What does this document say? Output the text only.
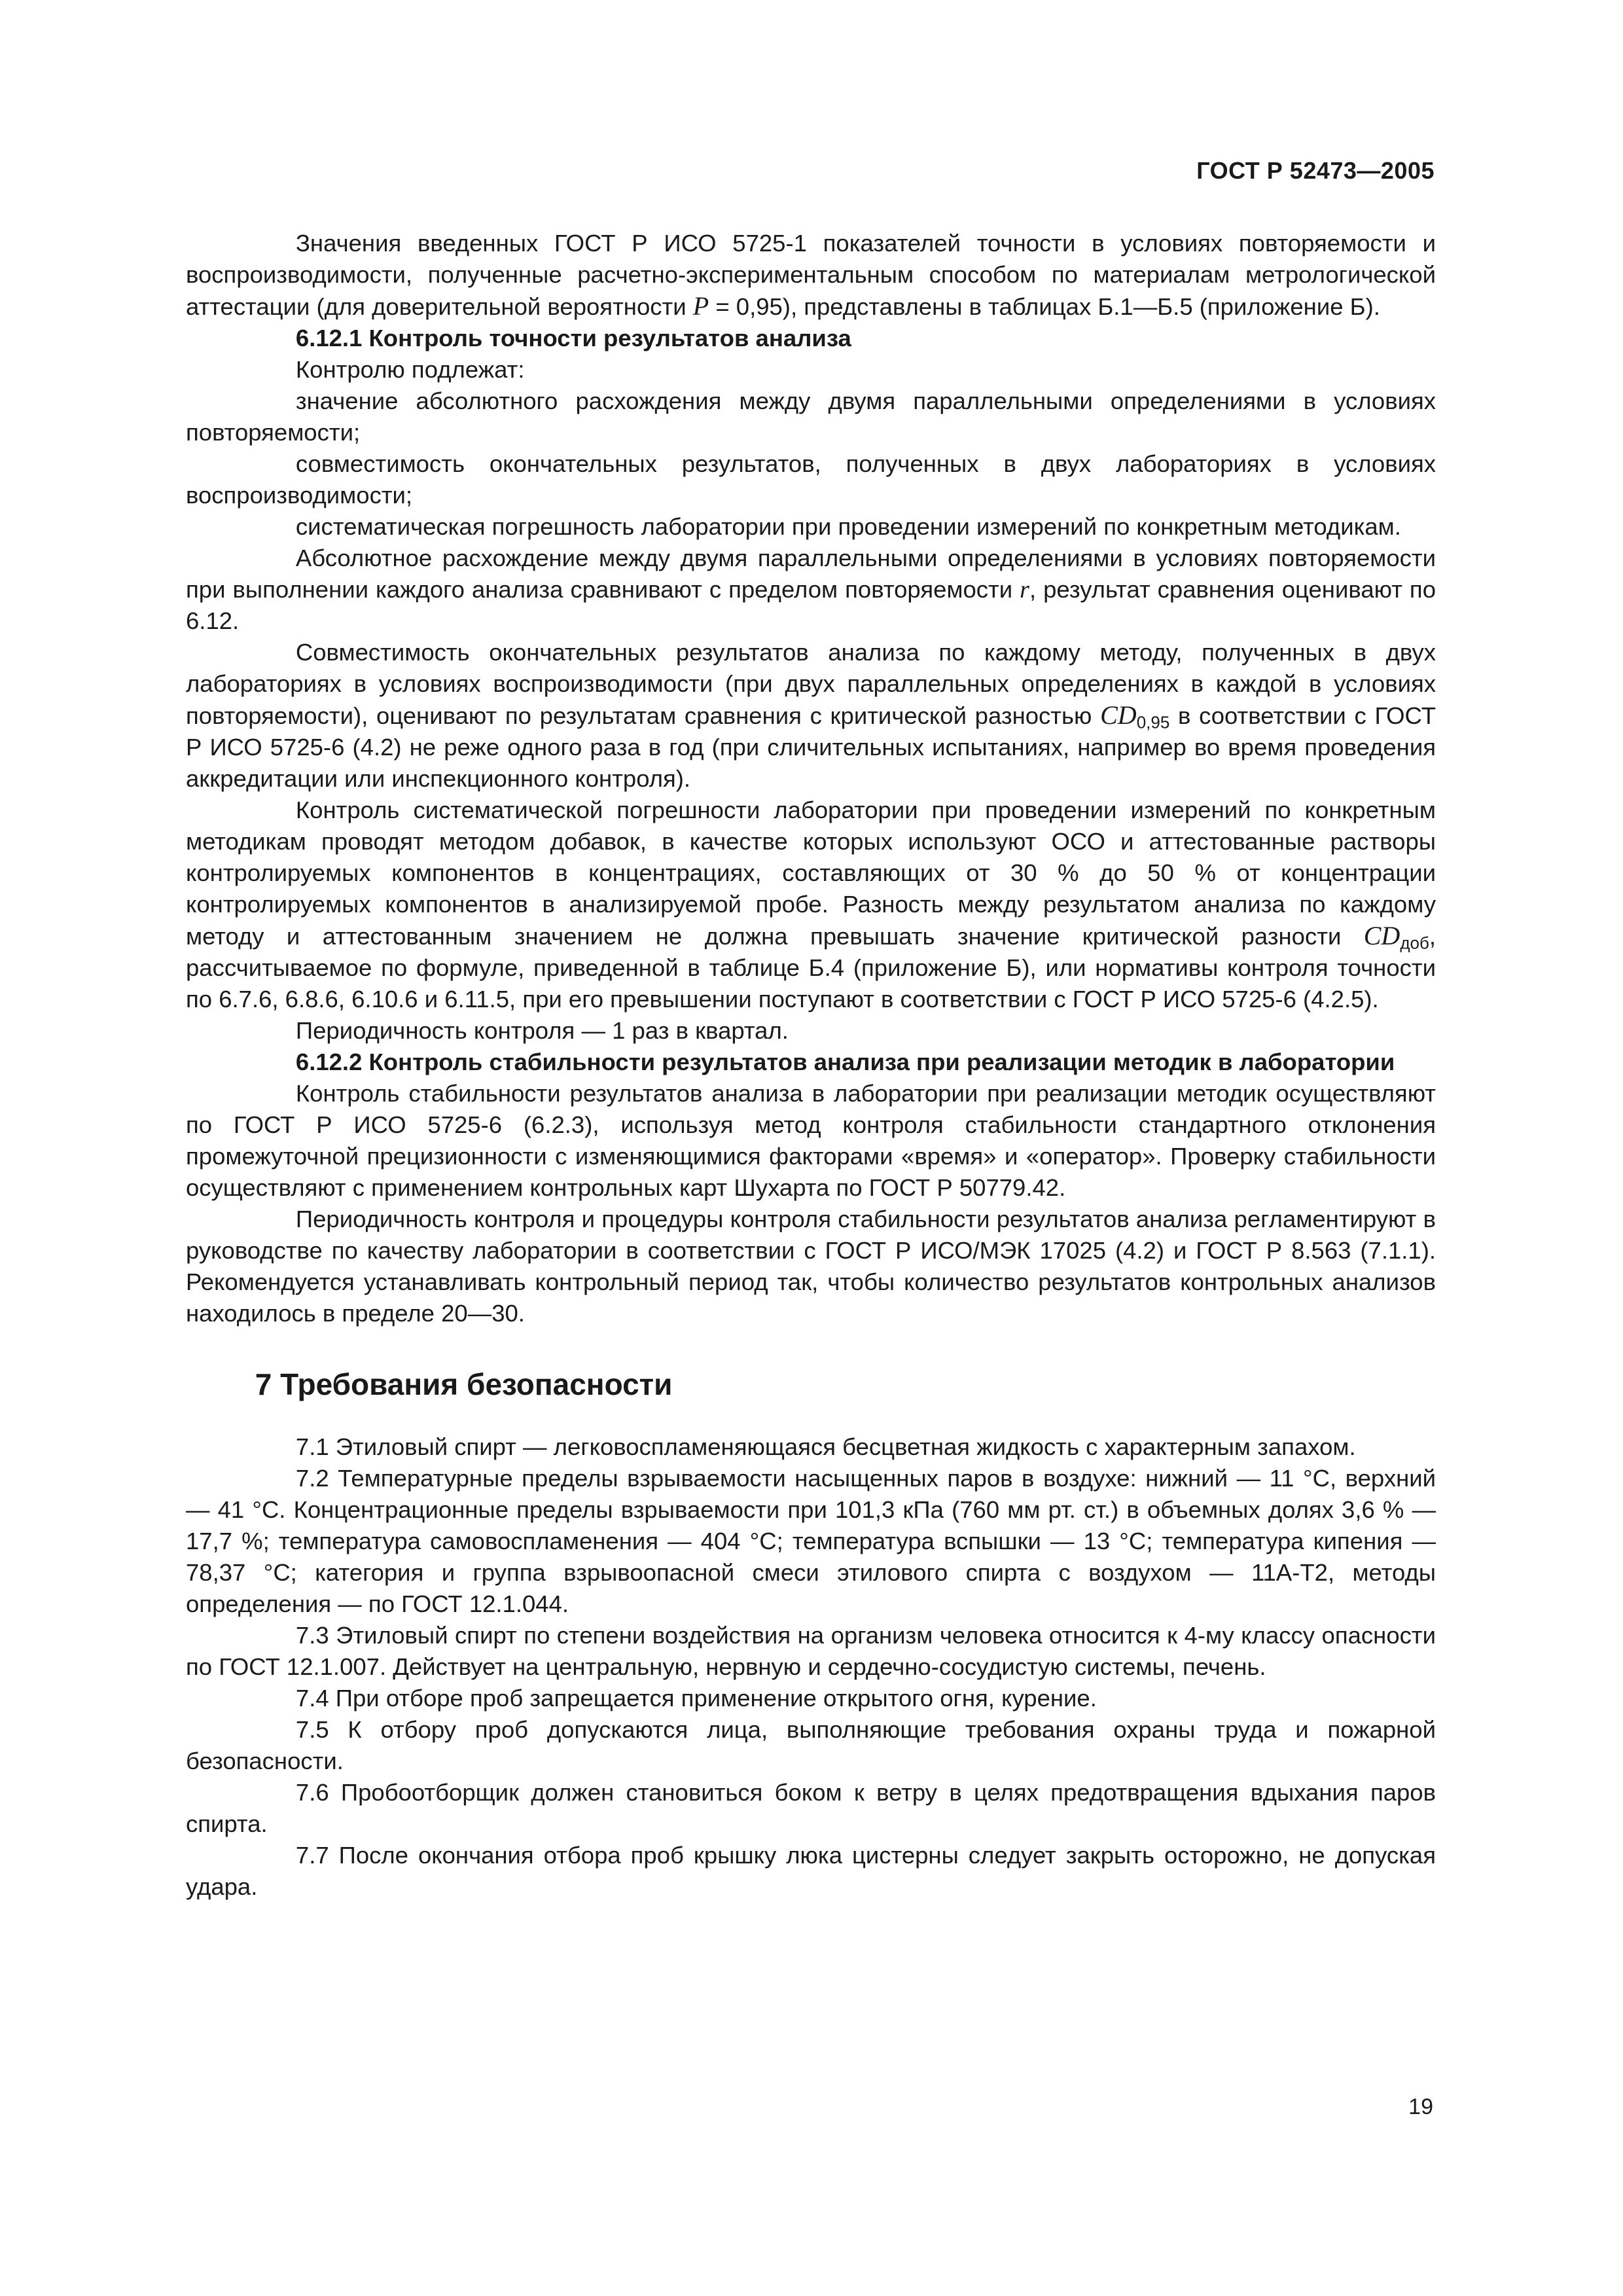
ГОСТ Р 52473—2005

Значения введенных ГОСТ Р ИСО 5725-1 показателей точности в условиях повторяемости и воспроизводимости, полученные расчетно-экспериментальным способом по материалам метрологической аттестации (для доверительной вероятности P = 0,95), представлены в таблицах Б.1—Б.5 (приложение Б).

6.12.1 Контроль точности результатов анализа

Контролю подлежат:

значение абсолютного расхождения между двумя параллельными определениями в условиях повторяемости;

совместимость окончательных результатов, полученных в двух лабораториях в условиях воспроизводимости;

систематическая погрешность лаборатории при проведении измерений по конкретным методикам.

Абсолютное расхождение между двумя параллельными определениями в условиях повторяемости при выполнении каждого анализа сравнивают с пределом повторяемости r, результат сравнения оценивают по 6.12.

Совместимость окончательных результатов анализа по каждому методу, полученных в двух лабораториях в условиях воспроизводимости (при двух параллельных определениях в каждой в условиях повторяемости), оценивают по результатам сравнения с критической разностью $CD_{0,95}$ в соответствии с ГОСТ Р ИСО 5725-6 (4.2) не реже одного раза в год (при сличительных испытаниях, например во время проведения аккредитации или инспекционного контроля).

Контроль систематической погрешности лаборатории при проведении измерений по конкретным методикам проводят методом добавок, в качестве которых используют ОСО и аттестованные растворы контролируемых компонентов в концентрациях, составляющих от 30 % до 50 % от концентрации контролируемых компонентов в анализируемой пробе. Разность между результатом анализа по каждому методу и аттестованным значением не должна превышать значение критической разности $CD_{доб}$, рассчитываемое по формуле, приведенной в таблице Б.4 (приложение Б), или нормативы контроля точности по 6.7.6, 6.8.6, 6.10.6 и 6.11.5, при его превышении поступают в соответствии с ГОСТ Р ИСО 5725-6 (4.2.5).

Периодичность контроля — 1 раз в квартал.

6.12.2 Контроль стабильности результатов анализа при реализации методик в лаборатории

Контроль стабильности результатов анализа в лаборатории при реализации методик осуществляют по ГОСТ Р ИСО 5725-6 (6.2.3), используя метод контроля стабильности стандартного отклонения промежуточной прецизионности с изменяющимися факторами «время» и «оператор». Проверку стабильности осуществляют с применением контрольных карт Шухарта по ГОСТ Р 50779.42.

Периодичность контроля и процедуры контроля стабильности результатов анализа регламентируют в руководстве по качеству лаборатории в соответствии с ГОСТ Р ИСО/МЭК 17025 (4.2) и ГОСТ Р 8.563 (7.1.1). Рекомендуется устанавливать контрольный период так, чтобы количество результатов контрольных анализов находилось в пределе 20—30.

7 Требования безопасности

7.1 Этиловый спирт — легковоспламеняющаяся бесцветная жидкость с характерным запахом.

7.2 Температурные пределы взрываемости насыщенных паров в воздухе: нижний — 11 °С, верхний — 41 °С. Концентрационные пределы взрываемости при 101,3 кПа (760 мм рт. ст.) в объемных долях 3,6 % — 17,7 %; температура самовоспламенения — 404 °С; температура вспышки — 13 °С; температура кипения — 78,37 °С; категория и группа взрывоопасной смеси этилового спирта с воздухом — 11А-Т2, методы определения — по ГОСТ 12.1.044.

7.3 Этиловый спирт по степени воздействия на организм человека относится к 4-му классу опасности по ГОСТ 12.1.007. Действует на центральную, нервную и сердечно-сосудистую системы, печень.

7.4 При отборе проб запрещается применение открытого огня, курение.

7.5 К отбору проб допускаются лица, выполняющие требования охраны труда и пожарной безопасности.

7.6 Пробоотборщик должен становиться боком к ветру в целях предотвращения вдыхания паров спирта.

7.7 После окончания отбора проб крышку люка цистерны следует закрыть осторожно, не допуская удара.

19
